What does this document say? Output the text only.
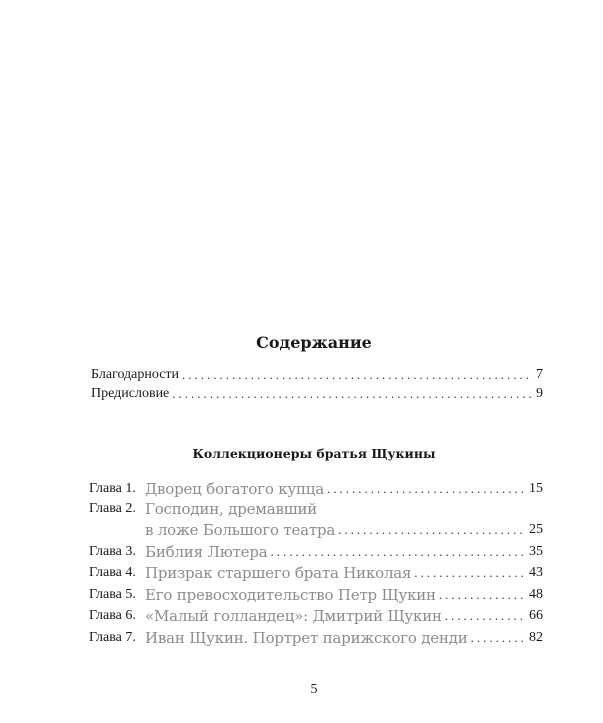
Содержание
Благодарности .....	7
Предисловие .....	9
Коллекционеры братья Щукины
Глава 1. Дворец богатого купца .....	15
Глава 2. Господин, дремавший
в ложе Большого театра .....	25
Глава 3. Библия Лютера .....	35
Глава 4. Призрак старшего брата Николая .....	43
Глава 5. Его превосходительство Петр Щукин .....	48
Глава 6. «Малый голландец»: Дмитрий Щукин .....	66
Глава 7. Иван Щукин. Портрет парижского денди .....	82
5
